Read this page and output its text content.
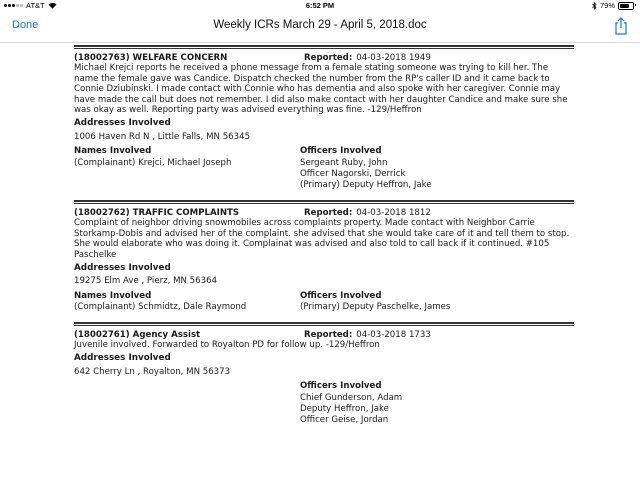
AT&T	6:52 PM	79%
Done	Weekly ICRs March 29 - April 5, 2018.doc
(18002763) WELFARE CONCERN	Reported: 04-03-2018 1949
Michael Krejci reports he received a phone message from a female stating someone was trying to kill her. The name the female gave was Candice. Dispatch checked the number from the RP's caller ID and it came back to Connie Dziubinski. I made contact with Connie who has dementia and also spoke with her caregiver. Connie may have made the call but does not remember. I did also make contact with her daughter Candice and make sure she was okay as well. Reporting party was advised everything was fine. -129/Heffron
Addresses Involved
1006 Haven Rd N , Little Falls, MN 56345
Names Involved
(Complainant) Krejci, Michael Joseph
Officers Involved
Sergeant Ruby, John
Officer Nagorski, Derrick
(Primary) Deputy Heffron, Jake
(18002762) TRAFFIC COMPLAINTS	Reported: 04-03-2018 1812
Complaint of neighbor driving snowmobiles across complaints property. Made contact with Neighbor Carrie Storkamp-Dobis and advised her of the complaint. she advised that she would take care of it and tell them to stop. She would elaborate who was doing it. Complainat was advised and also told to call back if it continued. #105 Paschelke
Addresses Involved
19275 Elm Ave , Pierz, MN 56364
Names Involved
(Complainant) Schmidtz, Dale Raymond
Officers Involved
(Primary) Deputy Paschelke, James
(18002761) Agency Assist	Reported: 04-03-2018 1733
Juvenile involved. Forwarded to Royalton PD for follow up. -129/Heffron
Addresses Involved
642 Cherry Ln , Royalton, MN 56373
Officers Involved
Chief Gunderson, Adam
Deputy Heffron, Jake
Officer Geise, Jordan
